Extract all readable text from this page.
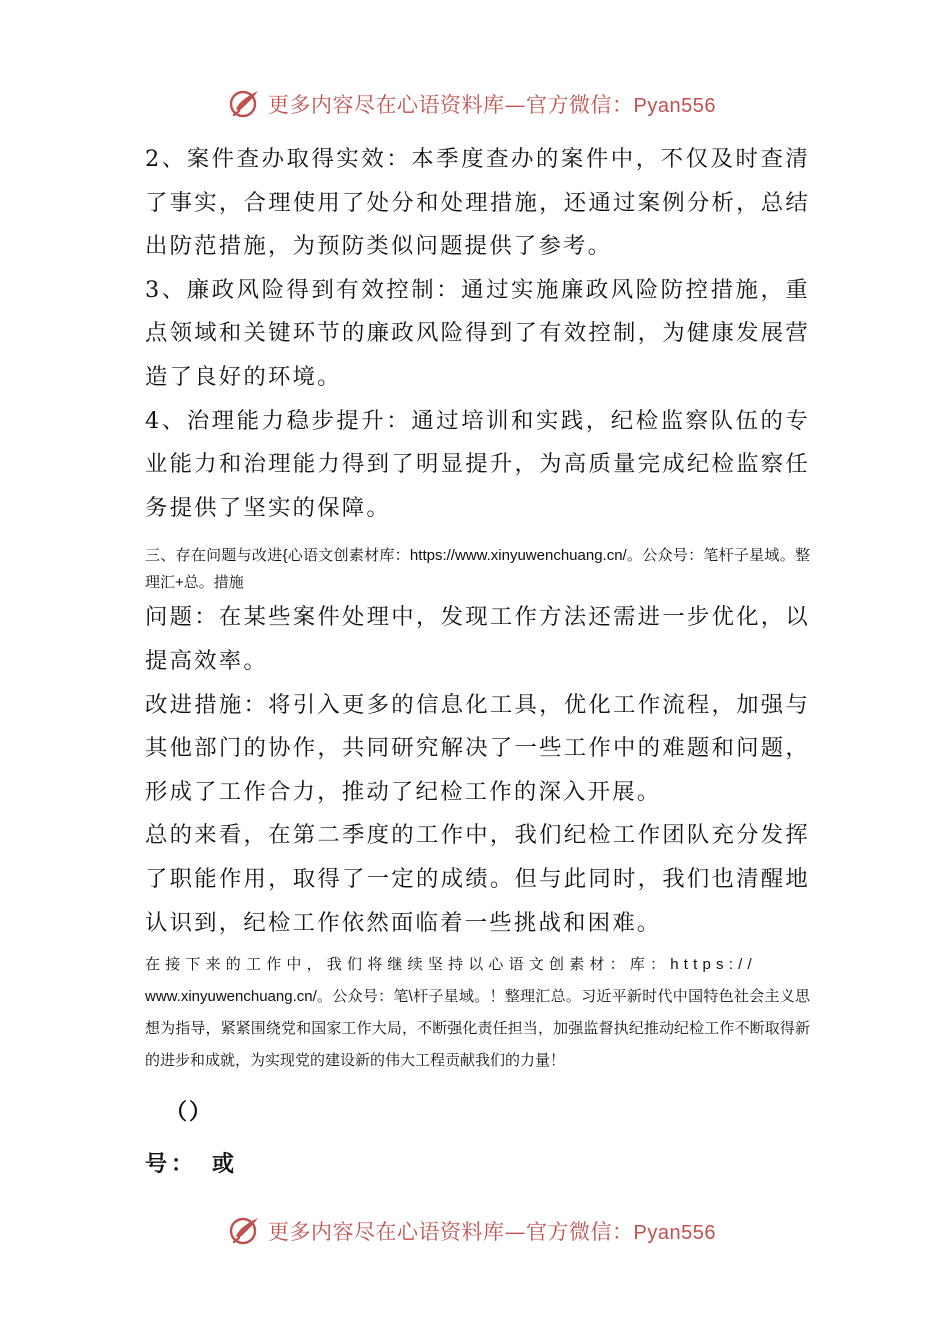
更多内容尽在心语资料库—官方微信：Pyan556

2、案件查办取得实效：本季度查办的案件中，不仅及时查清了事实，合理使用了处分和处理措施，还通过案例分析，总结出防范措施，为预防类似问题提供了参考。

3、廉政风险得到有效控制：通过实施廉政风险防控措施，重点领域和关键环节的廉政风险得到了有效控制，为健康发展营造了良好的环境。

4、治理能力稳步提升：通过培训和实践，纪检监察队伍的专业能力和治理能力得到了明显提升，为高质量完成纪检监察任务提供了坚实的保障。

三、存在问题与改进{心语文创素材库：https://www.xinyuwenchuang.cn/。公众号：笔杆子星域。整理汇+总。措施

问题：在某些案件处理中，发现工作方法还需进一步优化，以提高效率。

改进措施：将引入更多的信息化工具，优化工作流程，加强与其他部门的协作，共同研究解决了一些工作中的难题和问题，形成了工作合力，推动了纪检工作的深入开展。

总的来看，在第二季度的工作中，我们纪检工作团队充分发挥了职能作用，取得了一定的成绩。但与此同时，我们也清醒地认识到，纪检工作依然面临着一些挑战和困难。

在接下来的工作中，我们将继续坚持以心语文创素材：库：https://

www.xinyuwenchuang.cn/。公众号：笔\杆子星域。！整理汇总。习近平新时代中国特色社会主义思想为指导，紧紧围绕党和国家工作大局，不断强化责任担当，加强监督执纪推动纪检工作不断取得新的进步和成就，为实现党的建设新的伟大工程贡献我们的力量！

（）
号：　或
更多内容尽在心语资料库—官方微信：Pyan556
